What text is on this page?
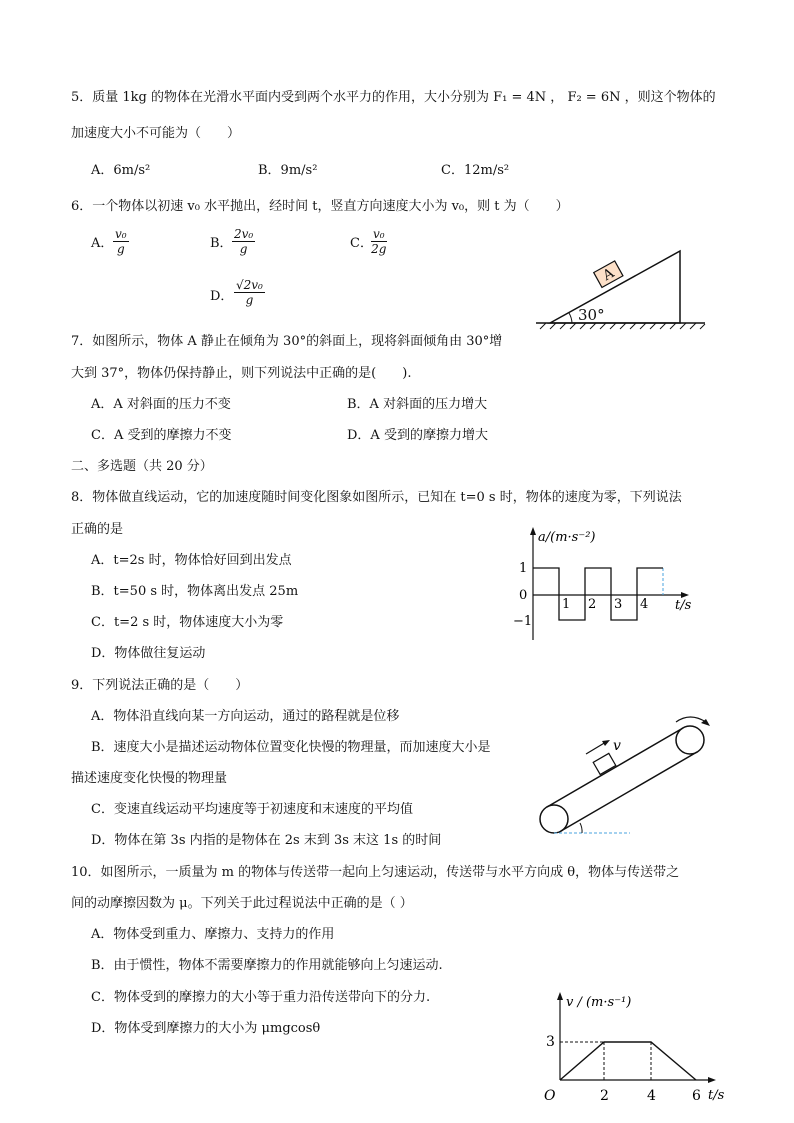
5．质量 1kg 的物体在光滑水平面内受到两个水平力的作用，大小分别为 F₁ = 4N ， F₂ = 6N ，则这个物体的
加速度大小不可能为（　　）
A．6m/s²	B．9m/s²	C．12m/s²
6．一个物体以初速 v₀ 水平抛出，经时间 t，竖直方向速度大小为 v₀，则 t 为（　　）
A． $\frac{\text{v₀}}{g}$	B． $\frac{\text{2v₀}}{g}$	C．
$\frac{\text{v₀}}{2g}$
D． $\frac{\text{√2v₀}}{g}$
A
30°
7．如图所示，物体 A 静止在倾角为 30°的斜面上，现将斜面倾角由 30°增
大到 37°，物体仍保持静止，则下列说法中正确的是(　　).
A．A 对斜面的压力不变	B．A 对斜面的压力增大
C．A 受到的摩擦力不变	D．A 受到的摩擦力增大
二、多选题（共 20 分）
8．物体做直线运动，它的加速度随时间变化图象如图所示，已知在 t=0 s 时，物体的速度为零，下列说法
正确的是
A．t=2s 时，物体恰好回到出发点
B．t=50 s 时，物体离出发点 25m
C．t=2 s 时，物体速度大小为零
D．物体做往复运动
a/(m·s⁻²)
t/s
1
0
−1
1 2 3 4
9．下列说法正确的是（　　）
A．物体沿直线向某一方向运动，通过的路程就是位移
B．速度大小是描述运动物体位置变化快慢的物理量，而加速度大小是
描述速度变化快慢的物理量
C．变速直线运动平均速度等于初速度和末速度的平均值
D．物体在第 3s 内指的是物体在 2s 末到 3s 末这 1s 的时间
v
10．如图所示，一质量为 m 的物体与传送带一起向上匀速运动，传送带与水平方向成 θ，物体与传送带之
间的动摩擦因数为 μ。下列关于此过程说法中正确的是（ ）
A．物体受到重力、摩擦力、支持力的作用
B．由于惯性，物体不需要摩擦力的作用就能够向上匀速运动.
C．物体受到的摩擦力的大小等于重力沿传送带向下的分力.
D．物体受到摩擦力的大小为 μmgcosθ
v / (m·s⁻¹)
t/s
O
3
2	4	6
